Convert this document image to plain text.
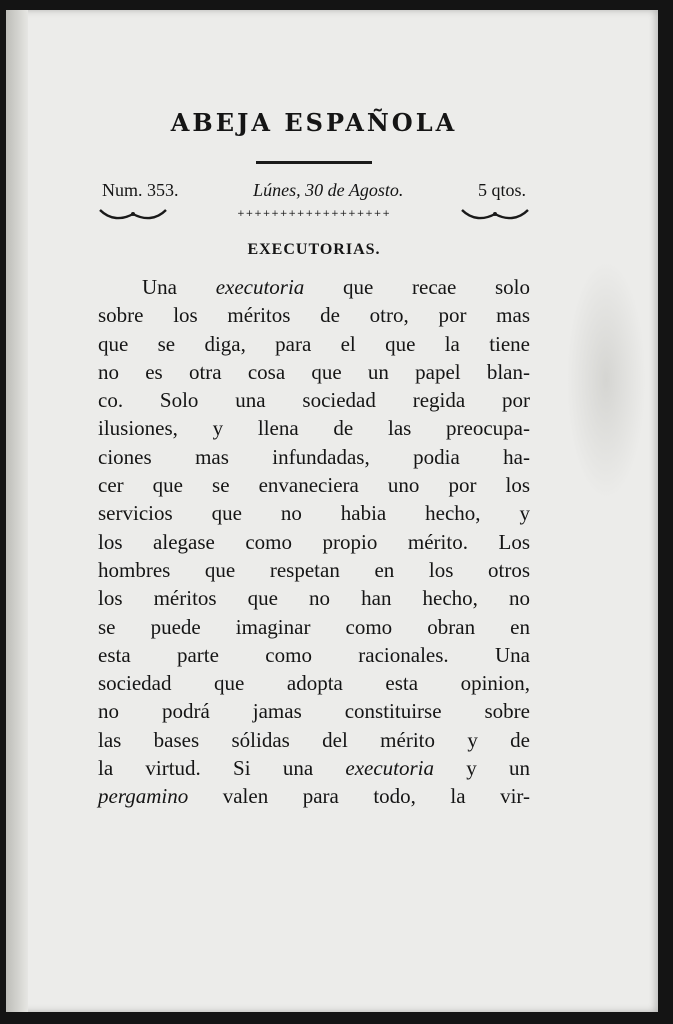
ABEJA ESPAÑOLA
Num. 353.	Lúnes, 30 de Agosto.	5 qtos.
++++++++++++++++++
EXECUTORIAS.
Una executoria que recae solo
sobre los méritos de otro, por mas
que se diga, para el que la tiene
no es otra cosa que un papel blan-
co. Solo una sociedad regida por
ilusiones, y llena de las preocupa-
ciones mas infundadas, podia ha-
cer que se envaneciera uno por los
servicios que no habia hecho, y
los alegase como propio mérito. Los
hombres que respetan en los otros
los méritos que no han hecho, no
se puede imaginar como obran en
esta parte como racionales. Una
sociedad que adopta esta opinion,
no podrá jamas constituirse sobre
las bases sólidas del mérito y de
la virtud. Si una executoria y un
pergamino valen para todo, la vir-
